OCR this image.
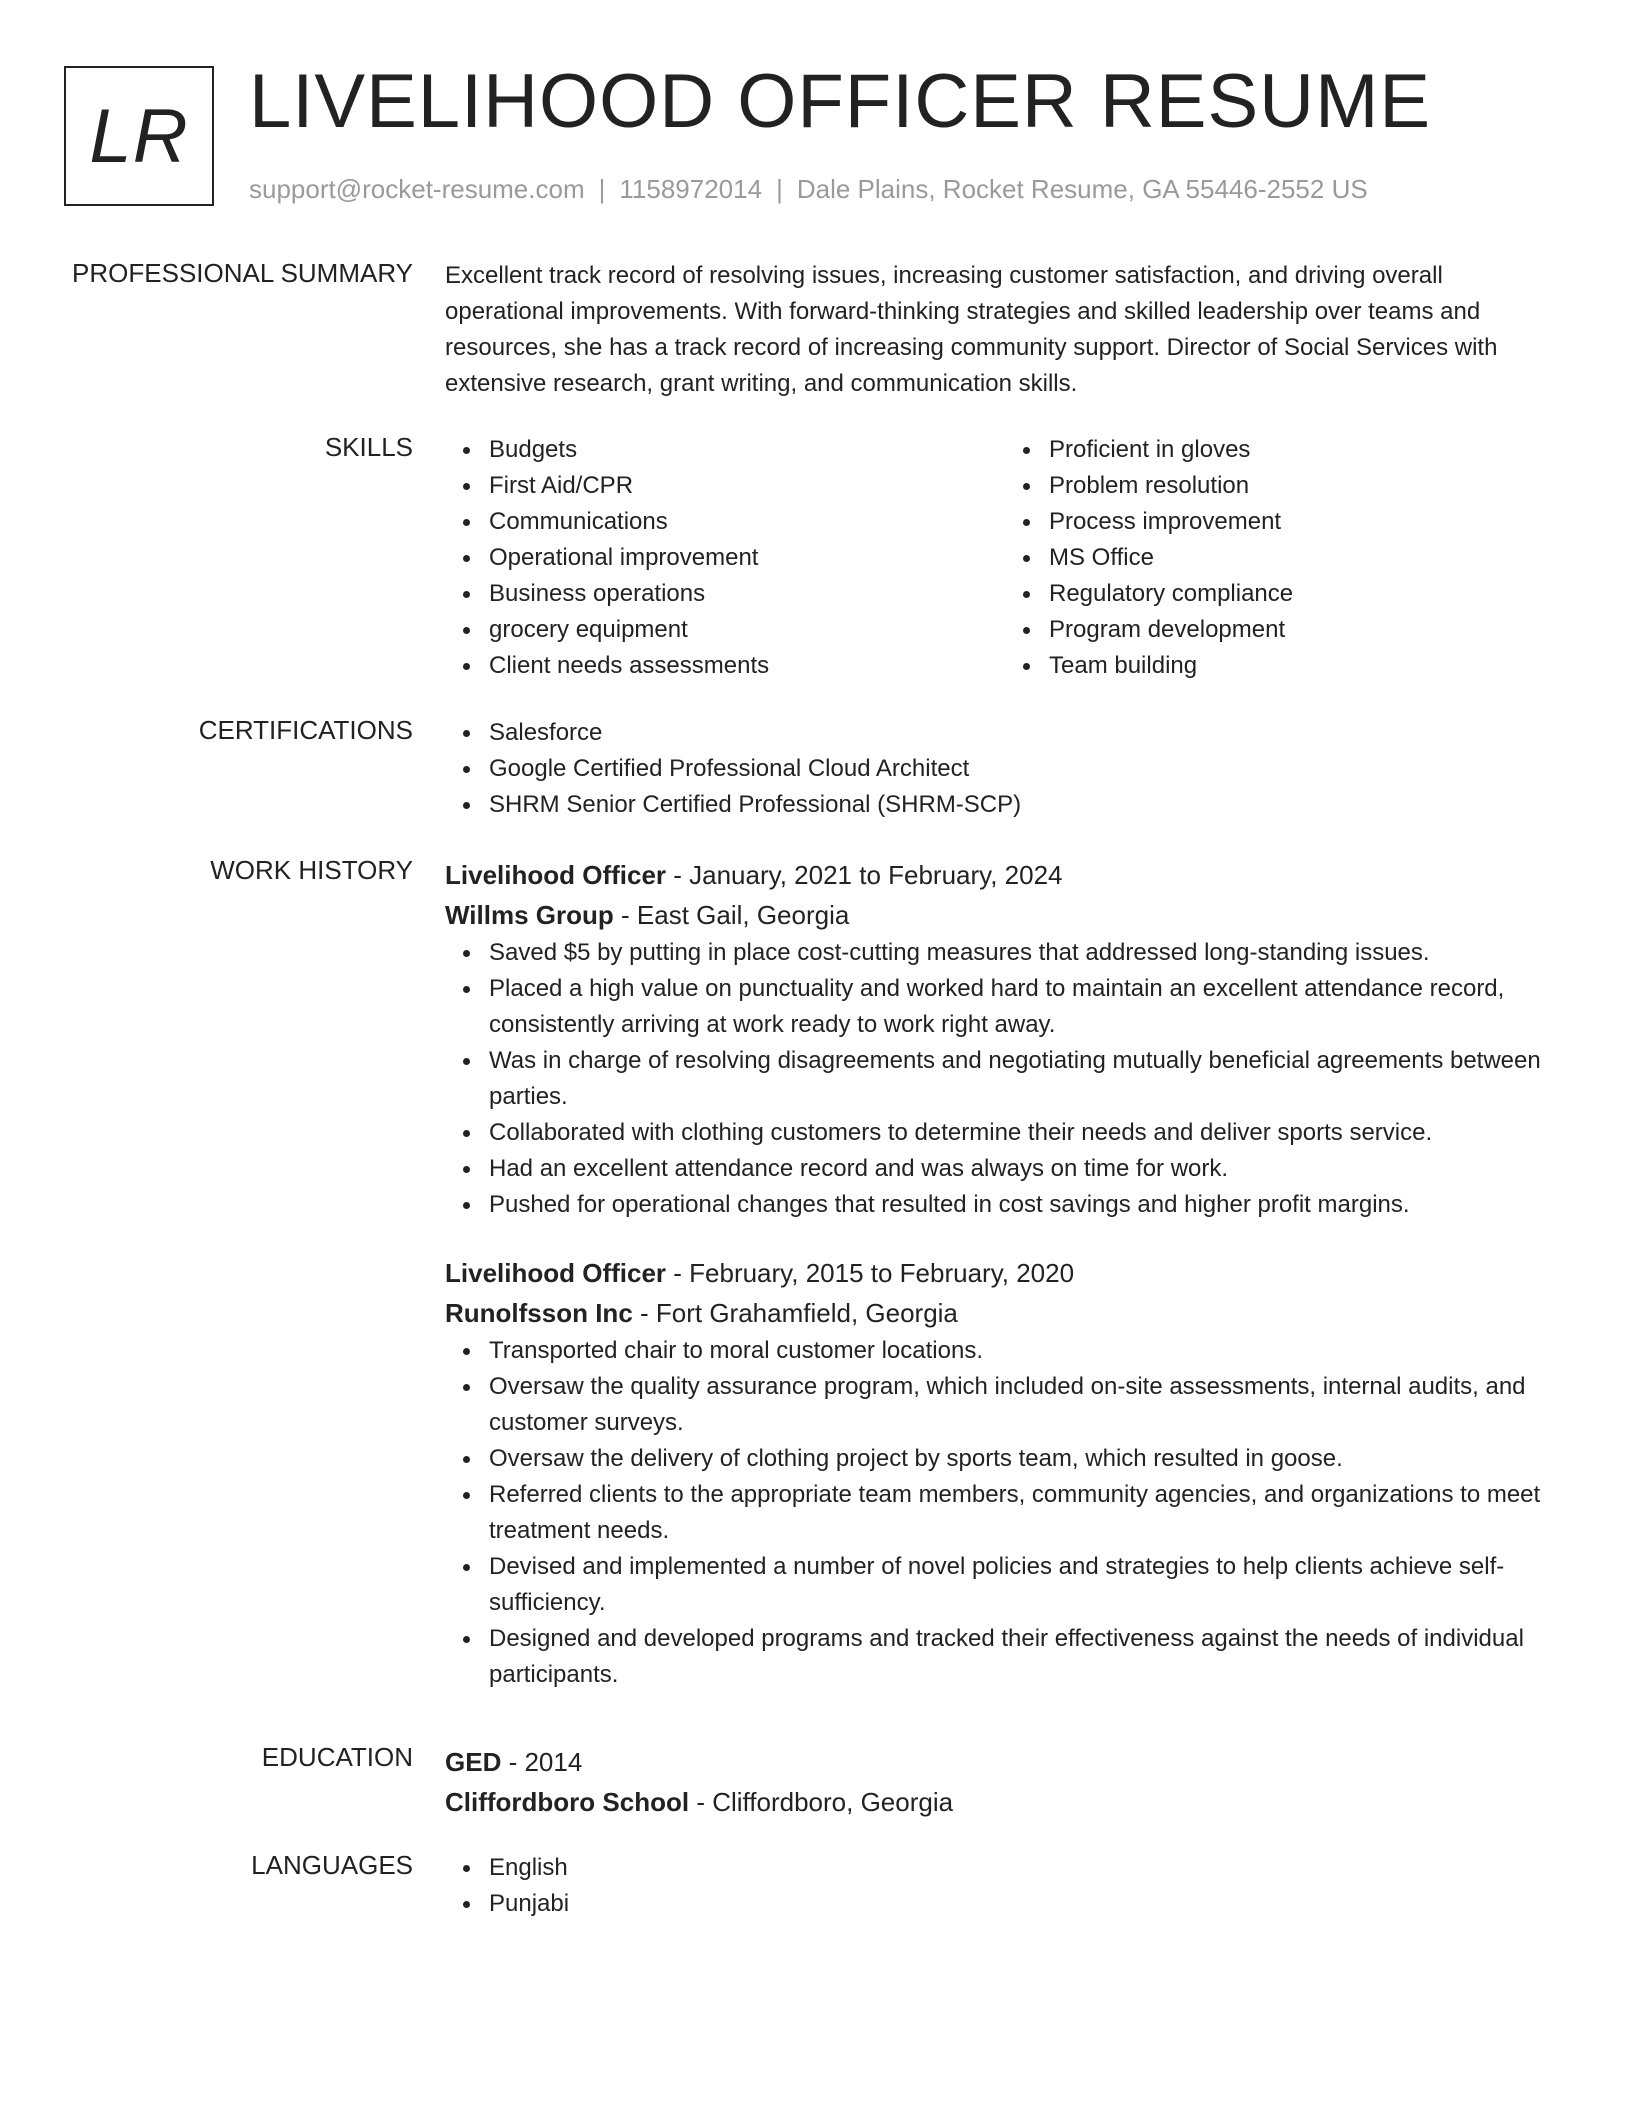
LR LIVELIHOOD OFFICER RESUME
support@rocket-resume.com | 1158972014 | Dale Plains, Rocket Resume, GA 55446-2552 US
PROFESSIONAL SUMMARY Excellent track record of resolving issues, increasing customer satisfaction, and driving overall operational improvements. With forward-thinking strategies and skilled leadership over teams and resources, she has a track record of increasing community support. Director of Social Services with extensive research, grant writing, and communication skills.

SKILLS	Budgets
First Aid/CPR
Communications
Operational improvement
Business operations
grocery equipment
Client needs assessments
Proficient in gloves
Problem resolution
Process improvement
MS Office
Regulatory compliance
Program development
Team building
CERTIFICATIONS	Salesforce
Google Certified Professional Cloud Architect
SHRM Senior Certified Professional (SHRM-SCP)
WORK HISTORY Livelihood Officer - January, 2021 to February, 2024
Willms Group - East Gail, Georgia
Saved $5 by putting in place cost-cutting measures that addressed long-standing issues.
Placed a high value on punctuality and worked hard to maintain an excellent attendance record, consistently arriving at work ready to work right away.
Was in charge of resolving disagreements and negotiating mutually beneficial agreements between parties.
Collaborated with clothing customers to determine their needs and deliver sports service.
Had an excellent attendance record and was always on time for work.
Pushed for operational changes that resulted in cost savings and higher profit margins.
Livelihood Officer - February, 2015 to February, 2020
Runolfsson Inc - Fort Grahamfield, Georgia
Transported chair to moral customer locations.
Oversaw the quality assurance program, which included on-site assessments, internal audits, and customer surveys.
Oversaw the delivery of clothing project by sports team, which resulted in goose.
Referred clients to the appropriate team members, community agencies, and organizations to meet treatment needs.
Devised and implemented a number of novel policies and strategies to help clients achieve self-sufficiency.
Designed and developed programs and tracked their effectiveness against the needs of individual participants.
EDUCATION GED - 2014
Cliffordboro School - Cliffordboro, Georgia
LANGUAGES	English
Punjabi
